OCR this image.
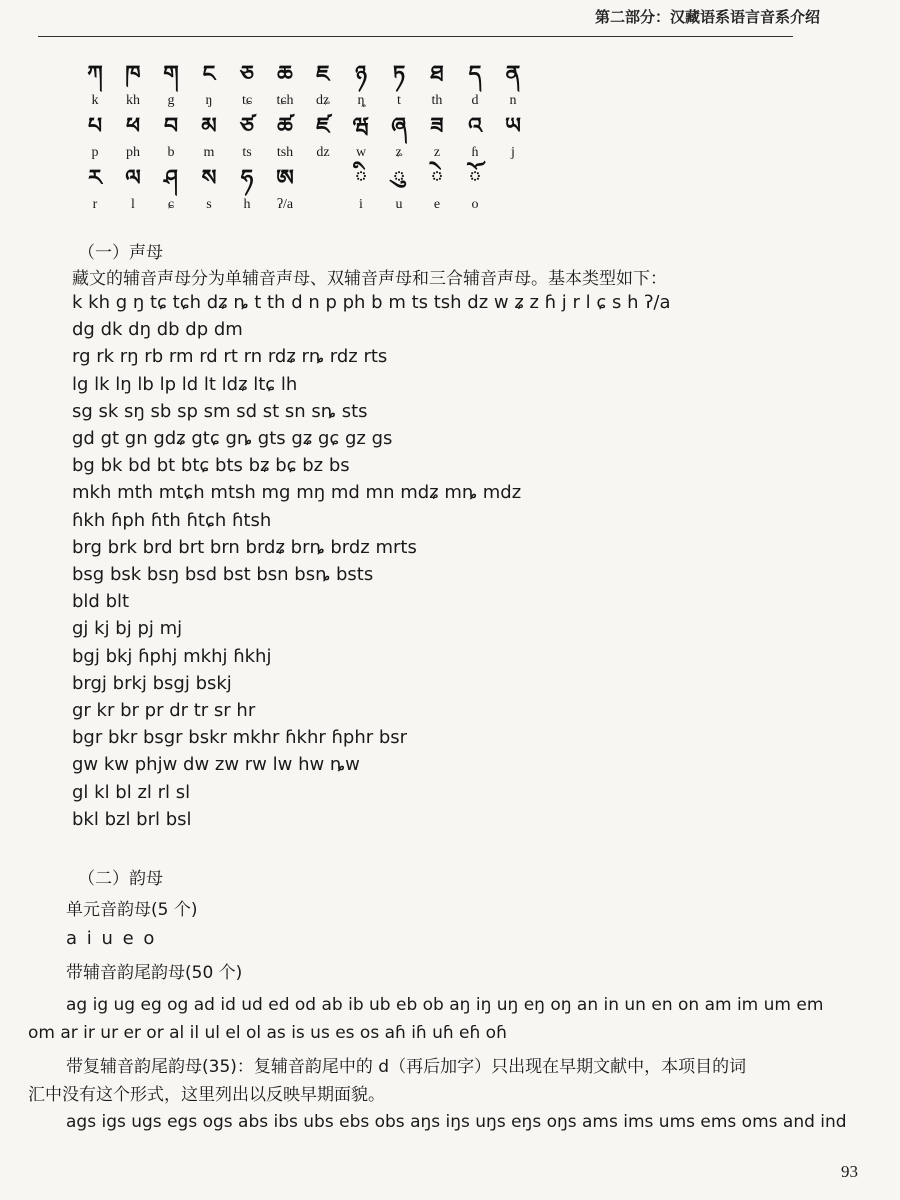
第二部分：汉藏语系语言音系介绍
ཀ	ཁ	ག	ང	ཅ	ཆ	ཇ	ཉ	ཏ	ཐ	ད	ན
k	kh	g	ŋ	tɕ	tɕh	dʑ	ȵ	t	th	d	n
པ	ཕ	བ	མ	ཙ	ཚ	ཛ	ཝ	ཞ	ཟ	འ	ཡ
p	ph	b	m	ts	tsh	dz	w	ʑ	z	ɦ	j
ར	ལ	ཤ	ས	ཧ	ཨ	ི	ུ	ེ	ོ
r	l	ɕ	s	h	ʔ/a	i	u	e	o
（一）声母
藏文的辅音声母分为单辅音声母、双辅音声母和三合辅音声母。基本类型如下：
k kh g ŋ tɕ tɕh dʑ ȵ t th d n p ph b m ts tsh dz w ʑ z ɦ j r l ɕ s h ʔ/a
dg dk dŋ db dp dm
rg rk rŋ rb rm rd rt rn rdʑ rȵ rdz rts
lg lk lŋ lb lp ld lt ldʑ ltɕ lh
sg sk sŋ sb sp sm sd st sn sȵ sts
gd gt gn gdʑ gtɕ gȵ gts gʑ gɕ gz gs
bg bk bd bt btɕ bts bʑ bɕ bz bs
mkh mth mtɕh mtsh mg mŋ md mn mdʑ mȵ mdz
ɦkh ɦph ɦth ɦtɕh ɦtsh
brg brk brd brt brn brdʑ brȵ brdz mrts
bsg bsk bsŋ bsd bst bsn bsȵ bsts
bld blt
gj kj bj pj mj
bgj bkj ɦphj mkhj ɦkhj
brgj brkj bsgj bskj
gr kr br pr dr tr sr hr
bgr bkr bsgr bskr mkhr ɦkhr ɦphr bsr
gw kw phjw dw zw rw lw hw ȵw
gl kl bl zl rl sl
bkl bzl brl bsl
（二）韵母
单元音韵母(5 个)
a i u e o
带辅音韵尾韵母(50 个)
ag ig ug eg og ad id ud ed od ab ib ub eb ob aŋ iŋ uŋ eŋ oŋ an in un en on am im um em
om ar ir ur er or al il ul el ol as is us es os aɦ iɦ uɦ eɦ oɦ
带复辅音韵尾韵母(35)：复辅音韵尾中的 d（再后加字）只出现在早期文献中，本项目的词
汇中没有这个形式，这里列出以反映早期面貌。
ags igs ugs egs ogs abs ibs ubs ebs obs aŋs iŋs uŋs eŋs oŋs ams ims ums ems oms and ind
93
